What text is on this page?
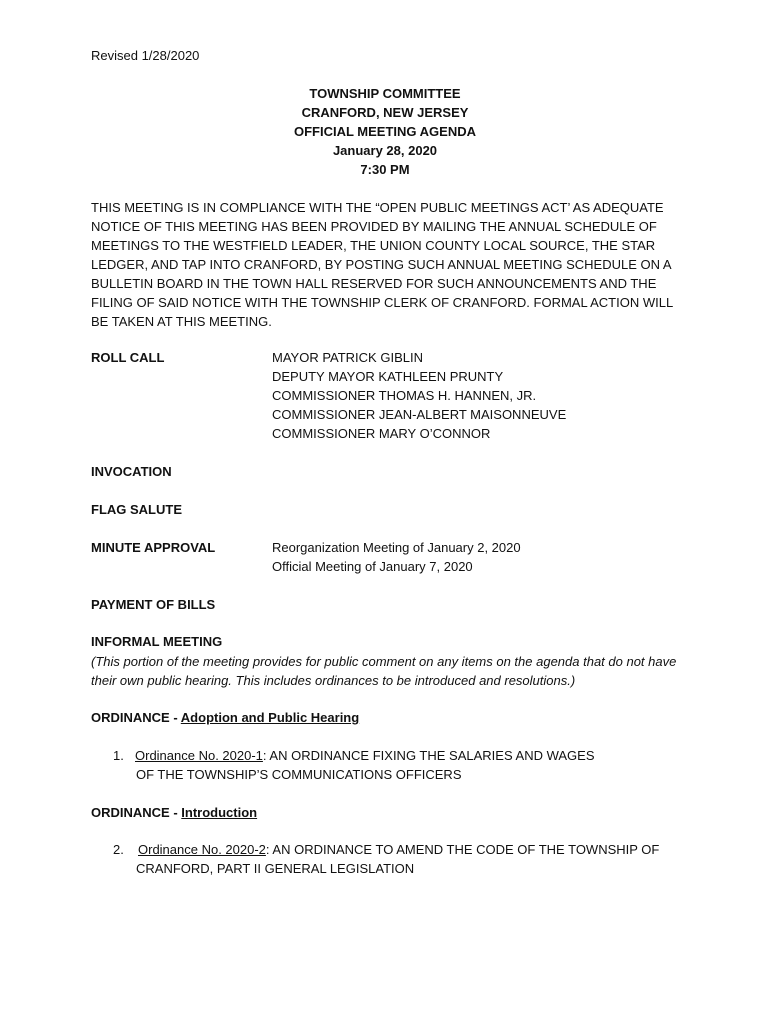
Revised 1/28/2020
TOWNSHIP COMMITTEE
CRANFORD, NEW JERSEY
OFFICIAL MEETING AGENDA
January 28, 2020
7:30 PM
THIS MEETING IS IN COMPLIANCE WITH THE “OPEN PUBLIC MEETINGS ACT’ AS ADEQUATE NOTICE OF THIS MEETING HAS BEEN PROVIDED BY MAILING THE ANNUAL SCHEDULE OF MEETINGS TO THE WESTFIELD LEADER, THE UNION COUNTY LOCAL SOURCE, THE STAR LEDGER, AND TAP INTO CRANFORD, BY POSTING SUCH ANNUAL MEETING SCHEDULE ON A BULLETIN BOARD IN THE TOWN HALL RESERVED FOR SUCH ANNOUNCEMENTS AND THE FILING OF SAID NOTICE WITH THE TOWNSHIP CLERK OF CRANFORD. FORMAL ACTION WILL BE TAKEN AT THIS MEETING.
ROLL CALL	MAYOR PATRICK GIBLIN
DEPUTY MAYOR KATHLEEN PRUNTY
COMMISSIONER THOMAS H. HANNEN, JR.
COMMISSIONER JEAN-ALBERT MAISONNEUVE
COMMISSIONER MARY O’CONNOR
INVOCATION
FLAG SALUTE
MINUTE APPROVAL	Reorganization Meeting of January 2, 2020
Official Meeting of January 7, 2020
PAYMENT OF BILLS
INFORMAL MEETING
(This portion of the meeting provides for public comment on any items on the agenda that do not have their own public hearing. This includes ordinances to be introduced and resolutions.)
ORDINANCE - Adoption and Public Hearing
1. Ordinance No. 2020-1: AN ORDINANCE FIXING THE SALARIES AND WAGES
OF THE TOWNSHIP’S COMMUNICATIONS OFFICERS
ORDINANCE - Introduction
2. Ordinance No. 2020-2: AN ORDINANCE TO AMEND THE CODE OF THE TOWNSHIP OF
CRANFORD, PART II GENERAL LEGISLATION
